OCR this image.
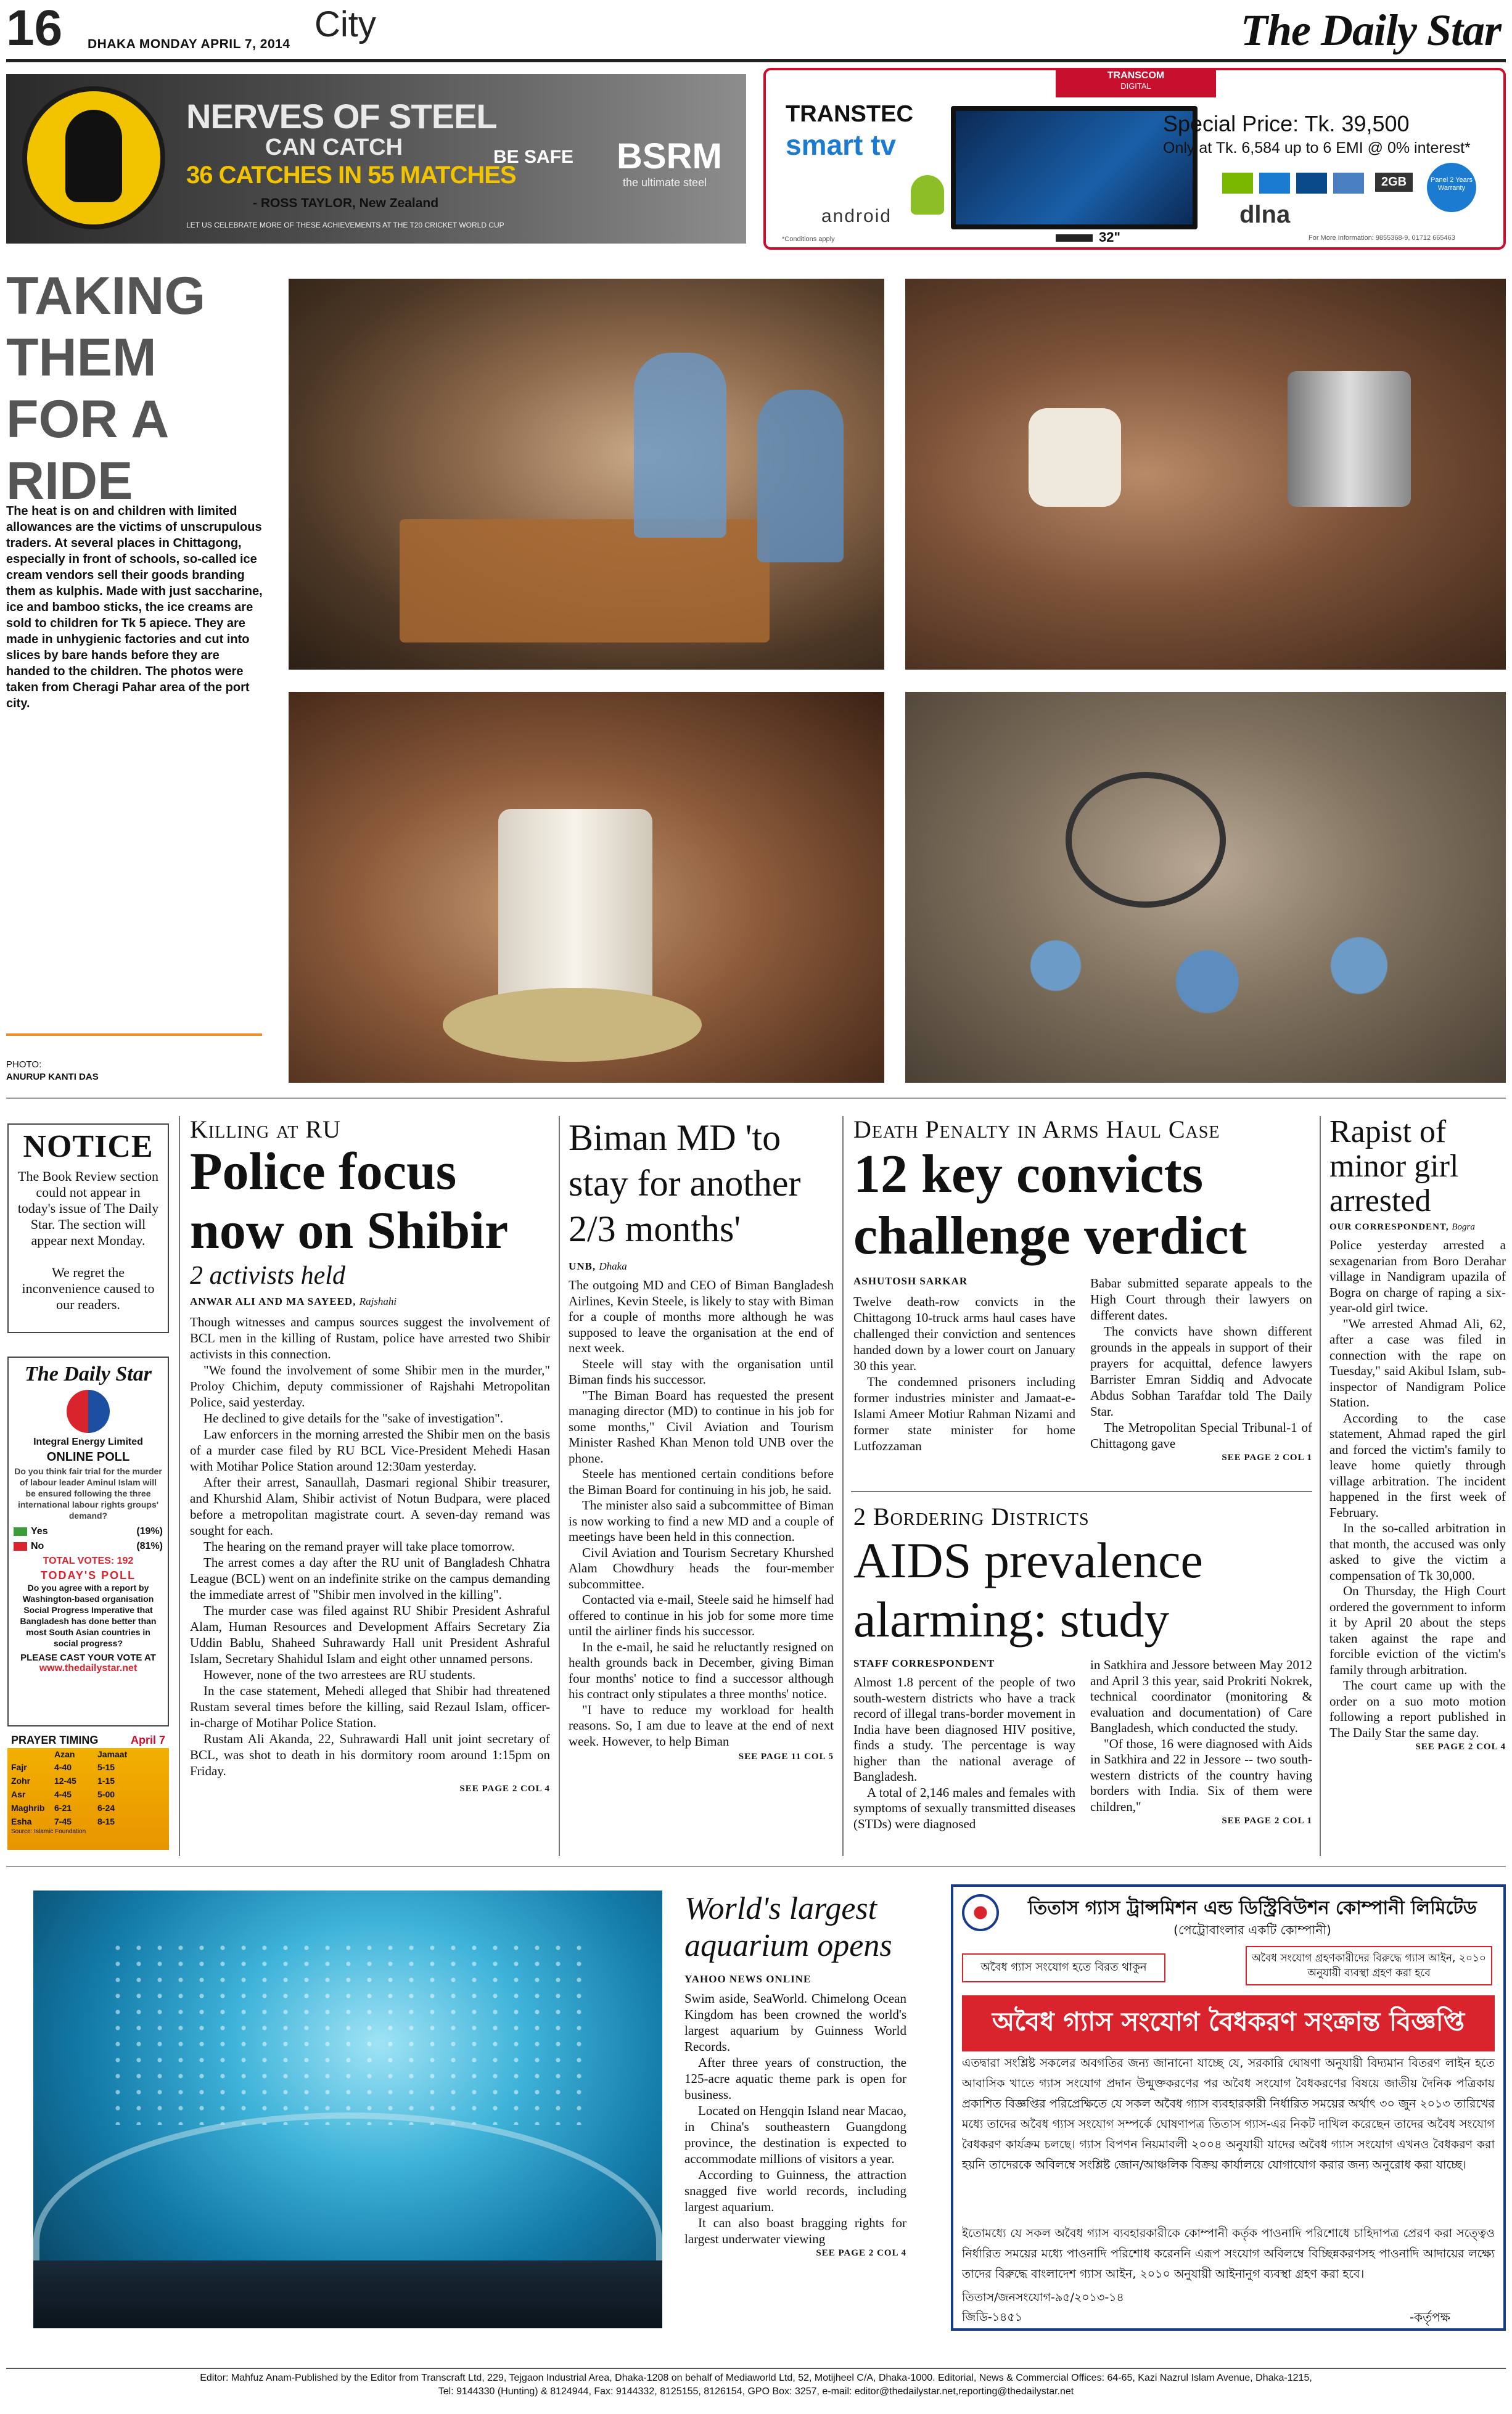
16 DHAKA MONDAY APRIL 7, 2014 City	The Daily Star
NERVES OF STEEL
CAN CATCH
36 CATCHES IN 55 MATCHES
- ROSS TAYLOR, New Zealand
LET US CELEBRATE MORE OF THESE ACHIEVEMENTS AT THE T20 CRICKET WORLD CUP
BE SAFE BSRM
the ultimate steel
TRANSCOM
DIGITAL
TRANSTEC
smart tv
android
32"
*Conditions apply
Special Price: Tk. 39,500
Only at Tk. 6,584 up to 6 EMI @ 0% interest*
Panel 2 Years Warranty
2GB
dlna
For More Information: 9855368-9, 01712 665463
TAKING THEM FOR A RIDE
The heat is on and children with limited allowances are the victims of unscrupulous traders. At several places in Chittagong, especially in front of schools, so-called ice cream vendors sell their goods branding them as kulphis. Made with just saccharine, ice and bamboo sticks, the ice creams are sold to children for Tk 5 apiece. They are made in unhygienic factories and cut into slices by bare hands before they are handed to the children. The photos were taken from Cheragi Pahar area of the port city.
PHOTO:
ANURUP KANTI DAS
NOTICE
The Book Review section could not appear in today's issue of The Daily Star. The section will appear next Monday.
We regret the inconvenience caused to our readers.
The Daily Star
Integral Energy Limited
ONLINE POLL
Do you think fair trial for the murder of labour leader Aminul Islam will be ensured following the three international labour rights groups' demand?
Yes	(19%)
No	(81%)
TOTAL VOTES: 192
TODAY'S POLL
Do you agree with a report by Washington-based organisation Social Progress Imperative that Bangladesh has done better than most South Asian countries in social progress?
PLEASE CAST YOUR VOTE AT
www.thedailystar.net
PRAYER TIMING	April 7
Azan	Jamaat
Fajr	4-40	5-15
Zohr	12-45	1-15
Asr	4-45	5-00
Maghrib	6-21	6-24
Esha	7-45	8-15
Source: Islamic Foundation
Killing at RU
Police focus now on Shibir
2 activists held
ANWAR ALI AND MA SAYEED, Rajshahi

Though witnesses and campus sources suggest the involvement of BCL men in the killing of Rustam, police have arrested two Shibir activists in this connection.

"We found the involvement of some Shibir men in the murder," Proloy Chichim, deputy commissioner of Rajshahi Metropolitan Police, said yesterday.

He declined to give details for the "sake of investigation".

Law enforcers in the morning arrested the Shibir men on the basis of a murder case filed by RU BCL Vice-President Mehedi Hasan with Motihar Police Station around 12:30am yesterday.

After their arrest, Sanaullah, Dasmari regional Shibir treasurer, and Khurshid Alam, Shibir activist of Notun Budpara, were placed before a metropolitan magistrate court. A seven-day remand was sought for each.

The hearing on the remand prayer will take place tomorrow.

The arrest comes a day after the RU unit of Bangladesh Chhatra League (BCL) went on an indefinite strike on the campus demanding the immediate arrest of "Shibir men involved in the killing".

The murder case was filed against RU Shibir President Ashraful Alam, Human Resources and Development Affairs Secretary Zia Uddin Bablu, Shaheed Suhrawardy Hall unit President Ashraful Islam, Secretary Shahidul Islam and eight other unnamed persons.

However, none of the two arrestees are RU students.

In the case statement, Mehedi alleged that Shibir had threatened Rustam several times before the killing, said Rezaul Islam, officer-in-charge of Motihar Police Station.

Rustam Ali Akanda, 22, Suhrawardi Hall unit joint secretary of BCL, was shot to death in his dormitory room around 1:15pm on Friday.

SEE PAGE 2 COL 4
Biman MD 'to stay for another 2/3 months'
UNB, Dhaka

The outgoing MD and CEO of Biman Bangladesh Airlines, Kevin Steele, is likely to stay with Biman for a couple of months more although he was supposed to leave the organisation at the end of next week.

Steele will stay with the organisation until Biman finds his successor.

"The Biman Board has requested the present managing director (MD) to continue in his job for some months," Civil Aviation and Tourism Minister Rashed Khan Menon told UNB over the phone.

Steele has mentioned certain conditions before the Biman Board for continuing in his job, he said.

The minister also said a subcommittee of Biman is now working to find a new MD and a couple of meetings have been held in this connection.

Civil Aviation and Tourism Secretary Khurshed Alam Chowdhury heads the four-member subcommittee.

Contacted via e-mail, Steele said he himself had offered to continue in his job for some more time until the airliner finds his successor.

In the e-mail, he said he reluctantly resigned on health grounds back in December, giving Biman four months' notice to find a successor although his contract only stipulates a three months' notice.

"I have to reduce my workload for health reasons. So, I am due to leave at the end of next week. However, to help Biman

SEE PAGE 11 COL 5
Death Penalty in Arms Haul Case
12 key convicts challenge verdict
ASHUTOSH SARKAR

Twelve death-row convicts in the Chittagong 10-truck arms haul cases have challenged their conviction and sentences handed down by a lower court on January 30 this year.

The condemned prisoners including former industries minister and Jamaat-e-Islami Ameer Motiur Rahman Nizami and former state minister for home Lutfozzaman

Babar submitted separate appeals to the High Court through their lawyers on different dates.

The convicts have shown different grounds in the appeals in support of their prayers for acquittal, defence lawyers Barrister Emran Siddiq and Advocate Abdus Sobhan Tarafdar told The Daily Star.

The Metropolitan Special Tribunal-1 of Chittagong gave

SEE PAGE 2 COL 1
2 Bordering Districts
AIDS prevalence alarming: study
STAFF CORRESPONDENT

Almost 1.8 percent of the people of two south-western districts who have a track record of illegal trans-border movement in India have been diagnosed HIV positive, finds a study. The percentage is way higher than the national average of Bangladesh.

A total of 2,146 males and females with symptoms of sexually transmitted diseases (STDs) were diagnosed

in Satkhira and Jessore between May 2012 and April 3 this year, said Prokriti Nokrek, technical coordinator (monitoring & evaluation and documentation) of Care Bangladesh, which conducted the study.

"Of those, 16 were diagnosed with Aids in Satkhira and 22 in Jessore -- two south-western districts of the country having borders with India. Six of them were children,"

SEE PAGE 2 COL 1
Rapist of minor girl arrested
OUR CORRESPONDENT, Bogra

Police yesterday arrested a sexagenarian from Boro Derahar village in Nandigram upazila of Bogra on charge of raping a six-year-old girl twice.

"We arrested Ahmad Ali, 62, after a case was filed in connection with the rape on Tuesday," said Akibul Islam, sub-inspector of Nandigram Police Station.

According to the case statement, Ahmad raped the girl and forced the victim's family to leave home quietly through village arbitration. The incident happened in the first week of February.

In the so-called arbitration in that month, the accused was only asked to give the victim a compensation of Tk 30,000.

On Thursday, the High Court ordered the government to inform it by April 20 about the steps taken against the rape and forcible eviction of the victim's family through arbitration.

The court came up with the order on a suo moto motion following a report published in The Daily Star the same day.

SEE PAGE 2 COL 4
World's largest aquarium opens
YAHOO NEWS ONLINE

Swim aside, SeaWorld. Chimelong Ocean Kingdom has been crowned the world's largest aquarium by Guinness World Records.

After three years of construction, the 125-acre aquatic theme park is open for business.

Located on Hengqin Island near Macao, in China's southeastern Guangdong province, the destination is expected to accommodate millions of visitors a year.

According to Guinness, the attraction snagged five world records, including largest aquarium.

It can also boast bragging rights for largest underwater viewing

SEE PAGE 2 COL 4
তিতাস গ্যাস ট্রান্সমিশন এন্ড ডিস্ট্রিবিউশন কোম্পানী লিমিটেড
(পেট্রোবাংলার একটি কোম্পানী)
অবৈধ গ্যাস সংযোগ হতে বিরত থাকুন
অবৈধ সংযোগ গ্রহণকারীদের বিরুদ্ধে গ্যাস আইন, ২০১০ অনুযায়ী ব্যবস্থা গ্রহণ করা হবে
অবৈধ গ্যাস সংযোগ বৈধকরণ সংক্রান্ত বিজ্ঞপ্তি
এতদ্বারা সংশ্লিষ্ট সকলের অবগতির জন্য জানানো যাচ্ছে যে, সরকারি ঘোষণা অনুযায়ী বিদ্যমান বিতরণ লাইন হতে আবাসিক খাতে গ্যাস সংযোগ প্রদান উন্মুক্তকরণের পর অবৈধ সংযোগ বৈধকরণের বিষয়ে জাতীয় দৈনিক পত্রিকায় প্রকাশিত বিজ্ঞপ্তির পরিপ্রেক্ষিতে যে সকল অবৈধ গ্যাস ব্যবহারকারী নির্ধারিত সময়ের অর্থাৎ ৩০ জুন ২০১৩ তারিখের মধ্যে তাদের অবৈধ গ্যাস সংযোগ সম্পর্কে ঘোষণাপত্র তিতাস গ্যাস-এর নিকট দাখিল করেছেন তাদের অবৈধ সংযোগ বৈধকরণ কার্যক্রম চলছে। গ্যাস বিপণন নিয়মাবলী ২০০৪ অনুযায়ী যাদের অবৈধ গ্যাস সংযোগ এখনও বৈধকরণ করা হয়নি তাদেরকে অবিলম্বে সংশ্লিষ্ট জোন/আঞ্চলিক বিক্রয় কার্যালয়ে যোগাযোগ করার জন্য অনুরোধ করা যাচ্ছে।
ইতোমধ্যে যে সকল অবৈধ গ্যাস ব্যবহারকারীকে কোম্পানী কর্তৃক পাওনাদি পরিশোধে চাহিদাপত্র প্রেরণ করা সত্ত্বেও নির্ধারিত সময়ের মধ্যে পাওনাদি পরিশোধ করেননি এরূপ সংযোগ অবিলম্বে বিচ্ছিন্নকরণসহ পাওনাদি আদায়ের লক্ষ্যে তাদের বিরুদ্ধে বাংলাদেশ গ্যাস আইন, ২০১০ অনুযায়ী আইনানুগ ব্যবস্থা গ্রহণ করা হবে।
তিতাস/জনসংযোগ-৯৫/২০১৩-১৪
জিডি-১৪৫১	-কর্তৃপক্ষ
Editor: Mahfuz Anam-Published by the Editor from Transcraft Ltd, 229, Tejgaon Industrial Area, Dhaka-1208 on behalf of Mediaworld Ltd, 52, Motijheel C/A, Dhaka-1000. Editorial, News & Commercial Offices: 64-65, Kazi Nazrul Islam Avenue, Dhaka-1215,
Tel: 9144330 (Hunting) & 8124944, Fax: 9144332, 8125155, 8126154, GPO Box: 3257, e-mail: editor@thedailystar.net,reporting@thedailystar.net
